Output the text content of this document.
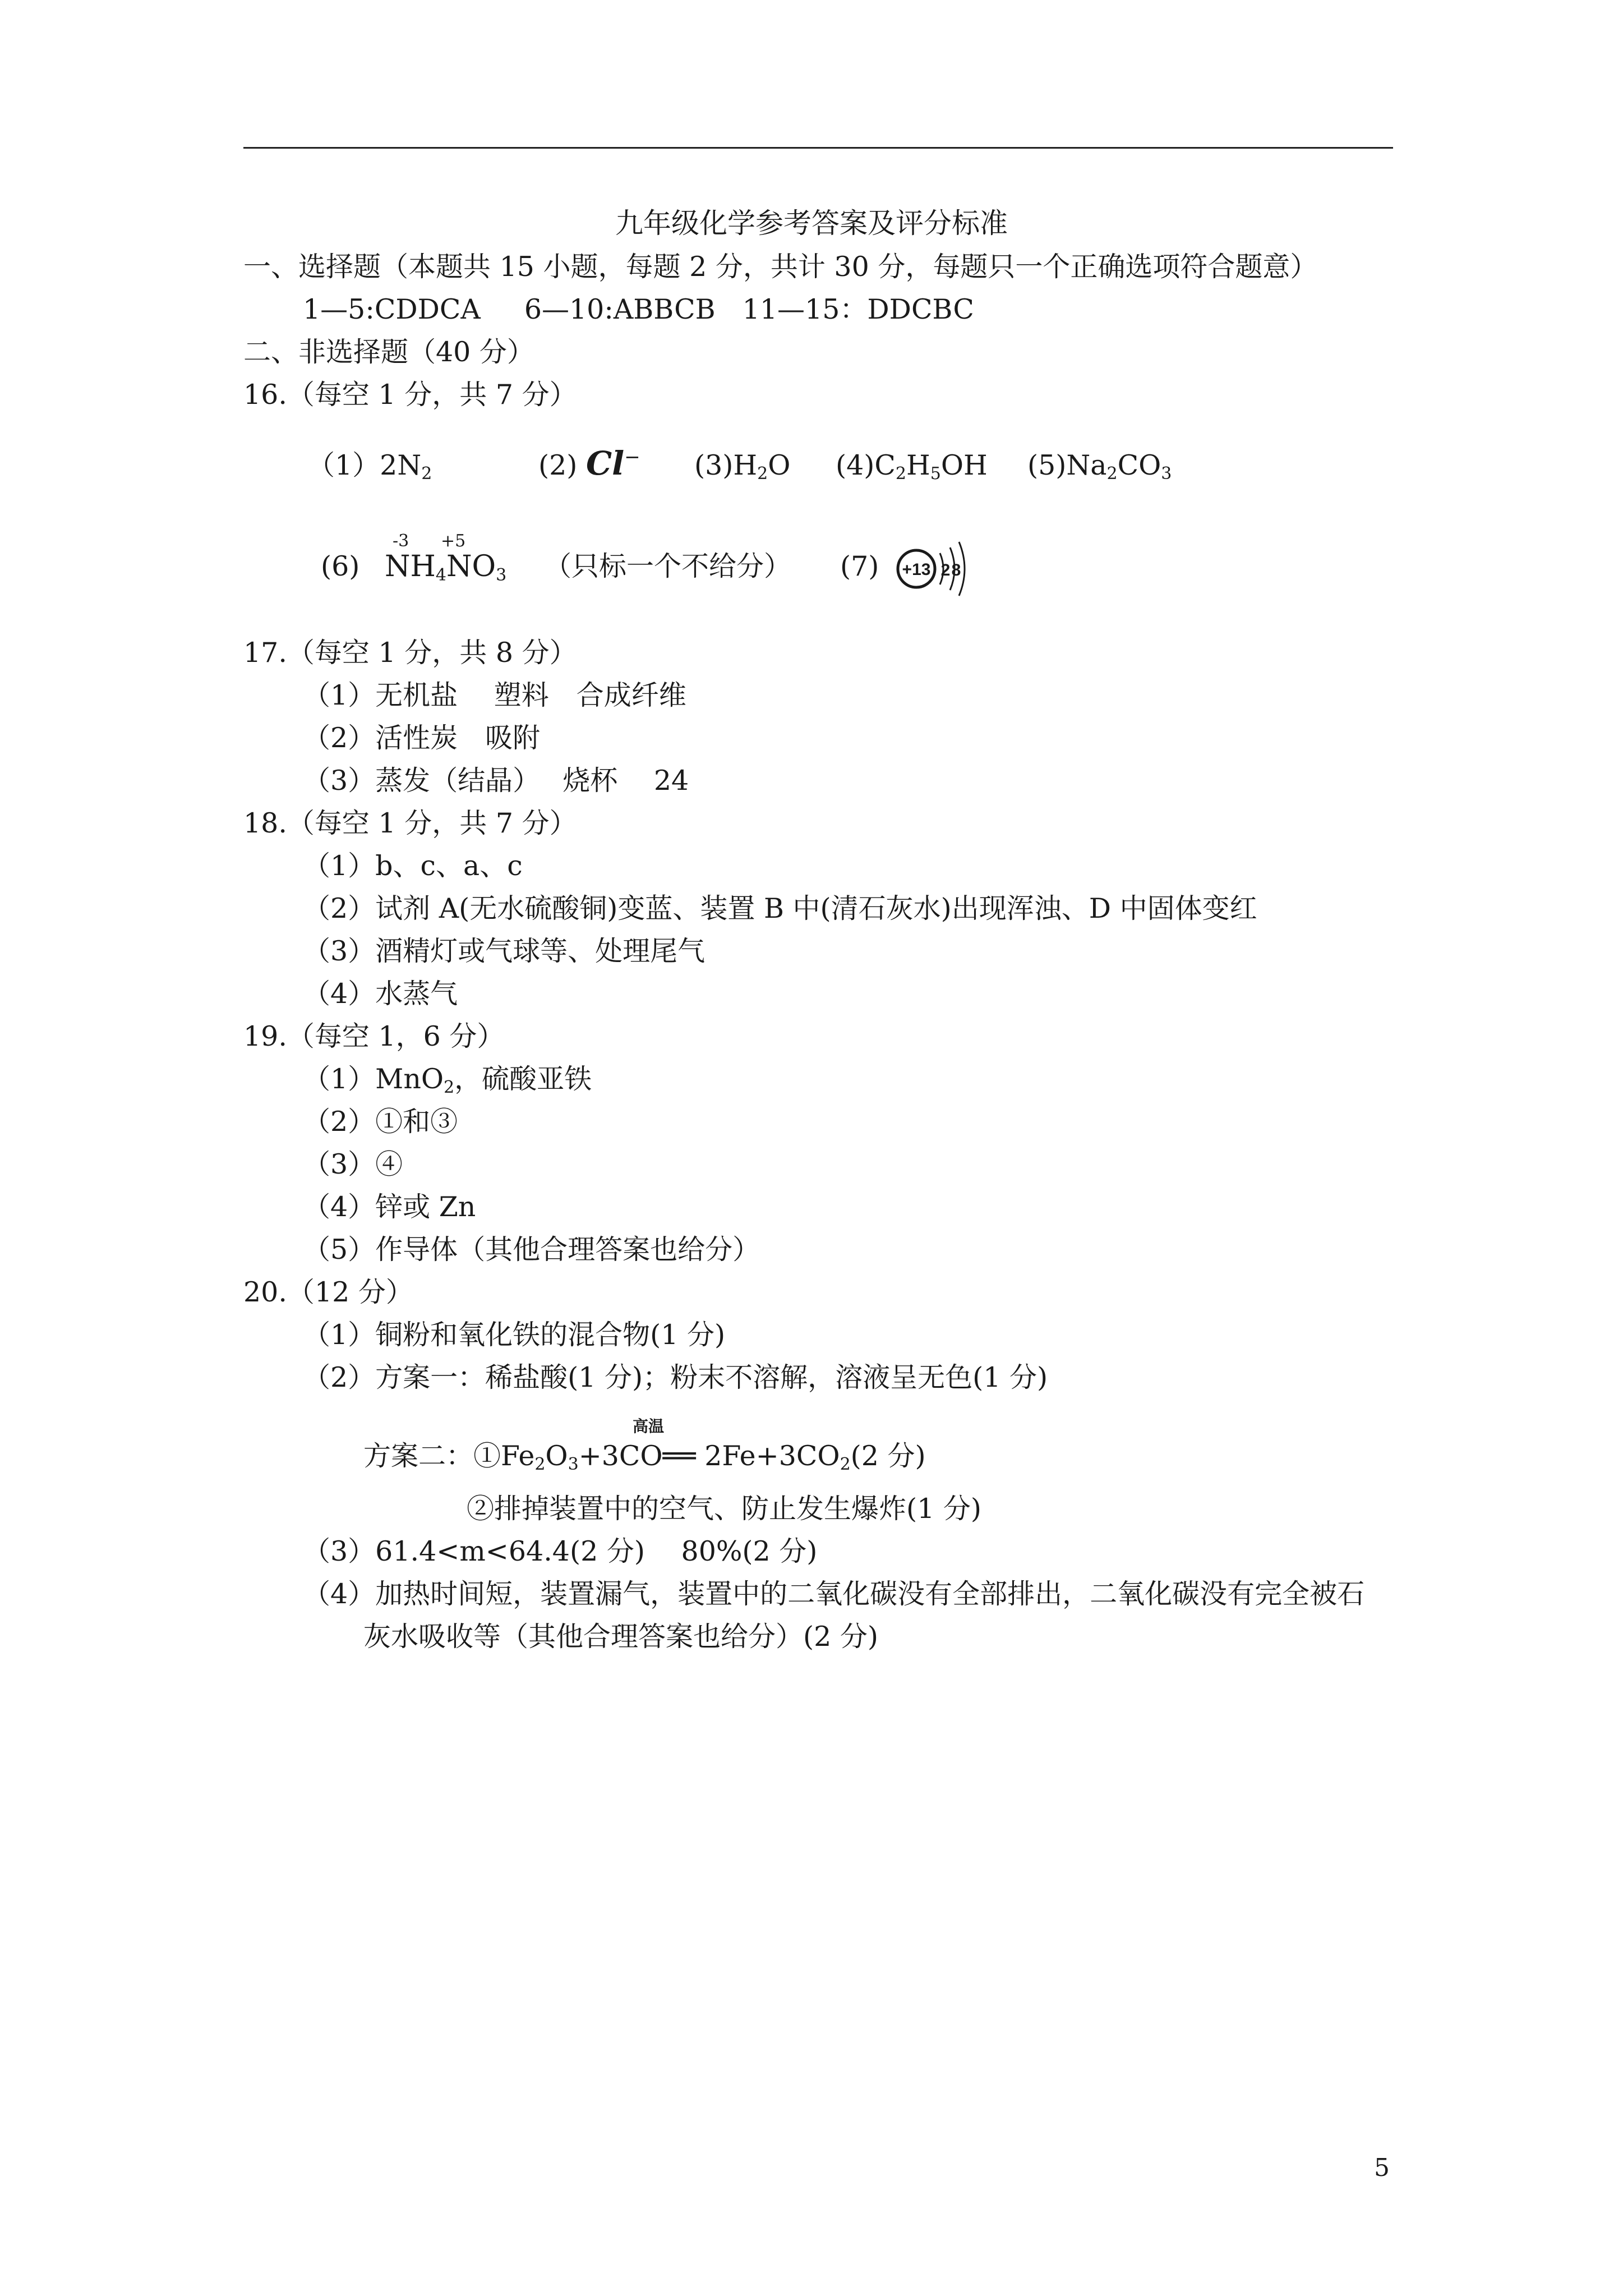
九年级化学参考答案及评分标准
一、选择题（本题共 15 小题，每题 2 分，共计 30 分，每题只一个正确选项符合题意）
1—5:CDDCA 6—10:ABBCB 11—15：DDCBC
二、非选择题（40 分）
16.（每空 1 分，共 7 分）
$(1)2N_2$	(2) Cl− $(3)H_2O$ $(4)C_2H_5OH$ $(5)Na_2CO_3$
(6)
-3 +5
$NH_4NO_3$ （只标一个不给分） (7) +13 2 8
17.（每空 1 分，共 8 分）
（1）无机盐　 塑料　合成纤维
（2）活性炭　吸附
（3）蒸发（结晶）　 烧杯　 24
18.（每空 1 分，共 7 分）
（1）b、c、a、c
（2）试剂 A(无水硫酸铜)变蓝、装置 B 中(清石灰水)出现浑浊、D 中固体变红
（3）酒精灯或气球等、处理尾气
（4）水蒸气
19.（每空 1，6 分）
（1）MnO$_2$，硫酸亚铁
（2）①和③
（3）④
（4）锌或 Zn
（5）作导体（其他合理答案也给分）
20.（12 分）
（1）铜粉和氧化铁的混合物(1 分)
（2）方案一：稀盐酸(1 分)；粉末不溶解，溶液呈无色(1 分)
高温
方案二：$①Fe_2O_3+3CO══$ $2Fe+3CO_2(2$ 分)
②排掉装置中的空气、防止发生爆炸(1 分)
（3）61.4<m<64.4(2 分)　 80%(2 分)
（4）加热时间短，装置漏气，装置中的二氧化碳没有全部排出，二氧化碳没有完全被石
灰水吸收等（其他合理答案也给分）(2 分)
5
